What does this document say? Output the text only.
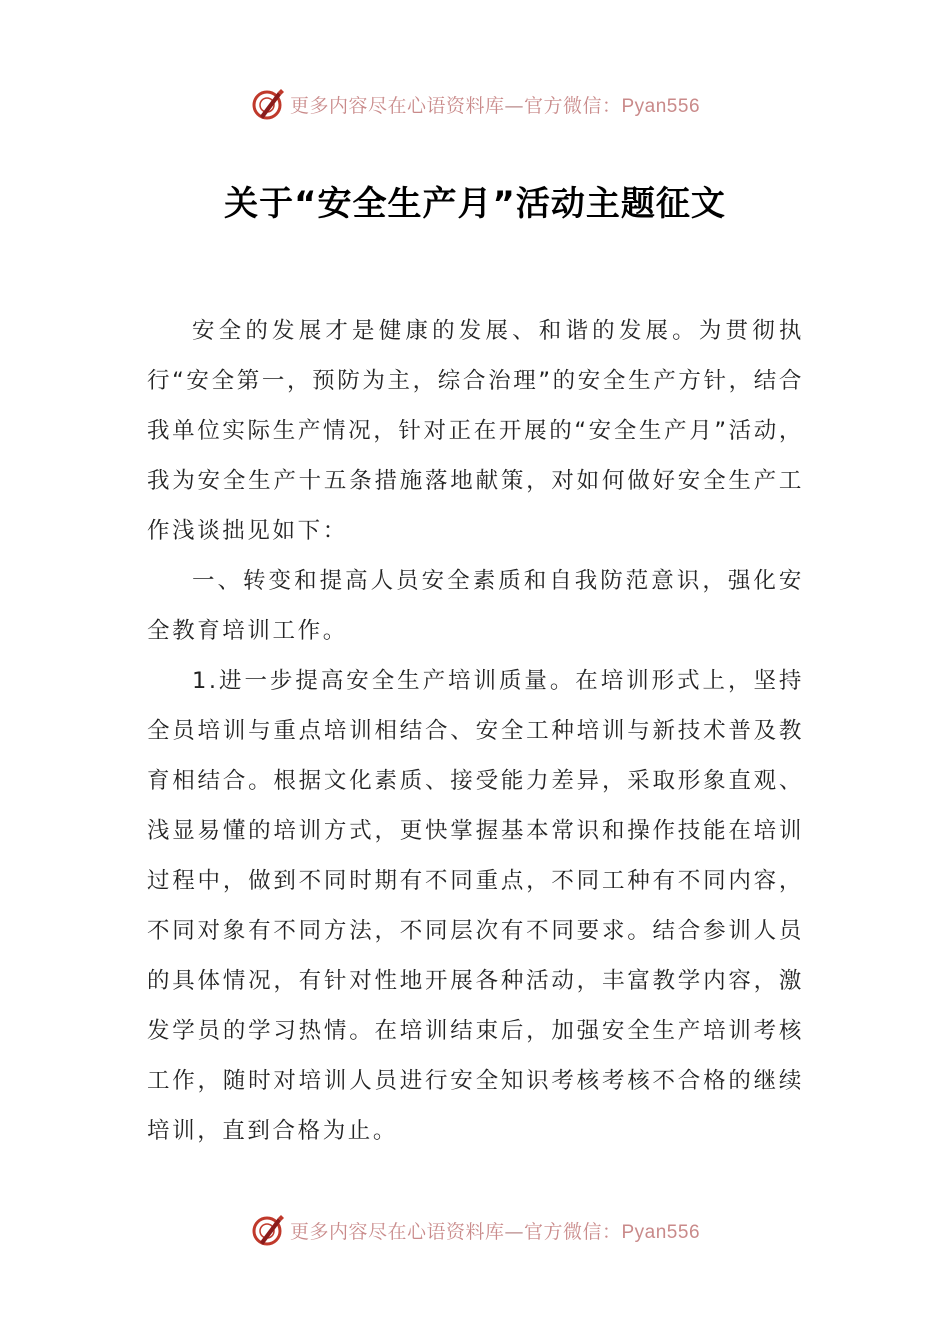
更多内容尽在心语资料库—官方微信：Pyan556
关于“安全生产月”活动主题征文

安全的发展才是健康的发展、和谐的发展。为贯彻执行“安全第一，预防为主，综合治理”的安全生产方针，结合我单位实际生产情况，针对正在开展的“安全生产月”活动，我为安全生产十五条措施落地献策，对如何做好安全生产工作浅谈拙见如下：

一、转变和提高人员安全素质和自我防范意识，强化安全教育培训工作。

1.进一步提高安全生产培训质量。在培训形式上，坚持全员培训与重点培训相结合、安全工种培训与新技术普及教育相结合。根据文化素质、接受能力差异，采取形象直观、浅显易懂的培训方式，更快掌握基本常识和操作技能在培训过程中，做到不同时期有不同重点，不同工种有不同内容，不同对象有不同方法，不同层次有不同要求。结合参训人员的具体情况，有针对性地开展各种活动，丰富教学内容，激发学员的学习热情。在培训结束后，加强安全生产培训考核工作，随时对培训人员进行安全知识考核考核不合格的继续培训，直到合格为止。

更多内容尽在心语资料库—官方微信：Pyan556
